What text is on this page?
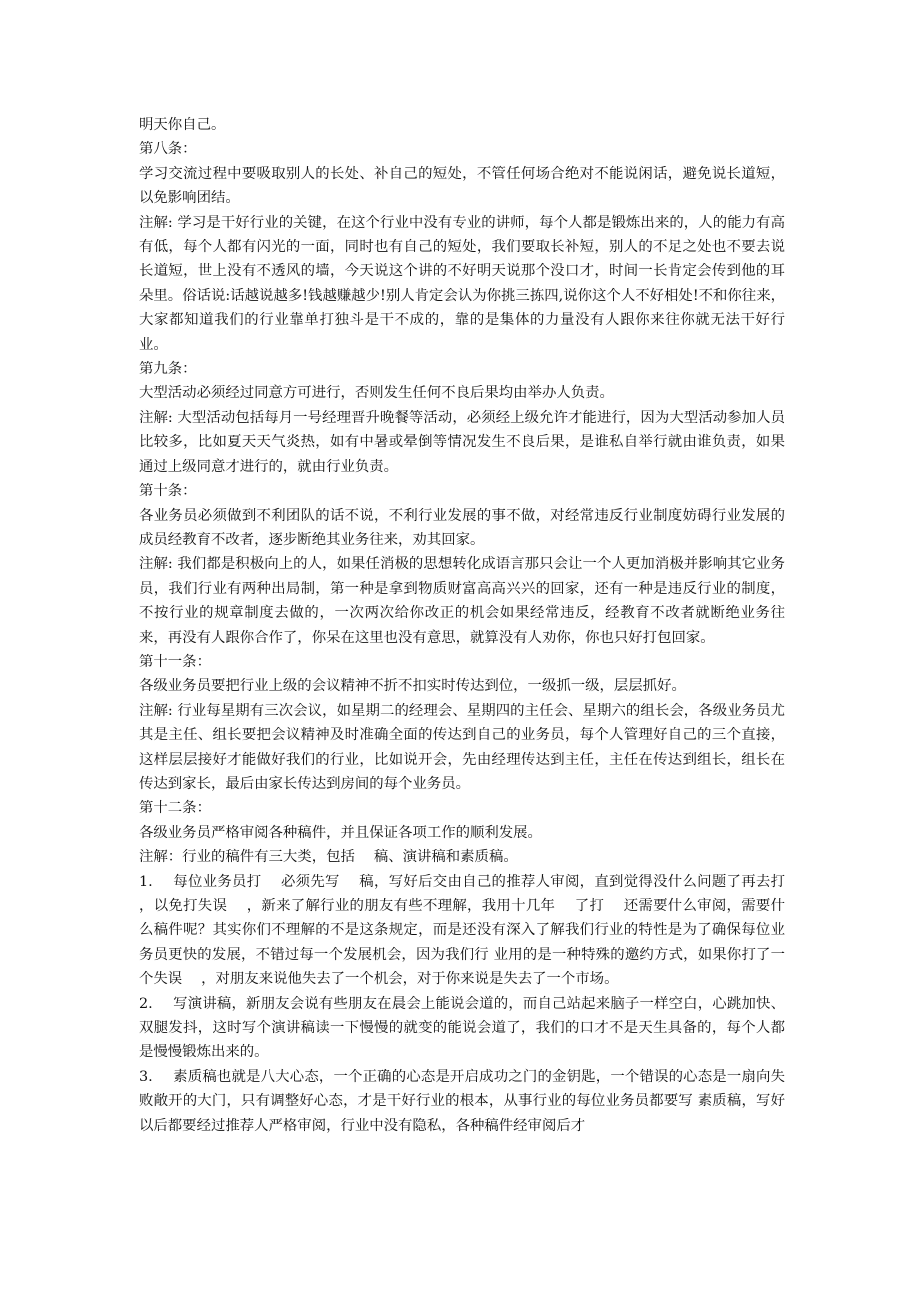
明天你自己。

第八条：

学习交流过程中要吸取别人的长处、补自己的短处，不管任何场合绝对不能说闲话，避免说长道短，以免影响团结。

注解: 学习是干好行业的关键，在这个行业中没有专业的讲师，每个人都是锻炼出来的，人的能力有高有低，每个人都有闪光的一面，同时也有自己的短处，我们要取长补短，别人的不足之处也不要去说长道短，世上没有不透风的墙，今天说这个讲的不好明天说那个没口才，时间一长肯定会传到他的耳朵里。俗话说:话越说越多!钱越赚越少!别人肯定会认为你挑三拣四,说你这个人不好相处!不和你往来，大家都知道我们的行业靠单打独斗是干不成的，靠的是集体的力量没有人跟你来往你就无法干好行业。

第九条：

大型活动必须经过同意方可进行，否则发生任何不良后果均由举办人负责。

注解: 大型活动包括每月一号经理晋升晚餐等活动，必须经上级允许才能进行，因为大型活动参加人员比较多，比如夏天天气炎热，如有中暑或晕倒等情况发生不良后果，是谁私自举行就由谁负责，如果通过上级同意才进行的，就由行业负责。

第十条：

各业务员必须做到不利团队的话不说，不利行业发展的事不做，对经常违反行业制度妨碍行业发展的成员经教育不改者，逐步断绝其业务往来，劝其回家。

注解: 我们都是积极向上的人，如果任消极的思想转化成语言那只会让一个人更加消极并影响其它业务员，我们行业有两种出局制，第一种是拿到物质财富高高兴兴的回家，还有一种是违反行业的制度，不按行业的规章制度去做的，一次两次给你改正的机会如果经常违反，经教育不改者就断绝业务往来，再没有人跟你合作了，你呆在这里也没有意思，就算没有人劝你，你也只好打包回家。

第十一条：

各级业务员要把行业上级的会议精神不折不扣实时传达到位，一级抓一级，层层抓好。

注解: 行业每星期有三次会议，如星期二的经理会、星期四的主任会、星期六的组长会，各级业务员尤其是主任、组长要把会议精神及时准确全面的传达到自己的业务员，每个人管理好自己的三个直接，这样层层接好才能做好我们的行业，比如说开会，先由经理传达到主任，主任在传达到组长，组长在传达到家长，最后由家长传达到房间的每个业务员。

第十二条：

各级业务员严格审阅各种稿件，并且保证各项工作的顺利发展。

注解：行业的稿件有三大类，包括　 稿、演讲稿和素质稿。

1. 每位业务员打　 必须先写　 稿，写好后交由自己的推荐人审阅，直到觉得没什么问题了再去打　 ，以免打失误　 ，新来了解行业的朋友有些不理解，我用十几年　 了打　 还需要什么审阅，需要什么稿件呢？其实你们不理解的不是这条规定，而是还没有深入了解我们行业的特性是为了确保每位业务员更快的发展，不错过每一个发展机会，因为我们行 业用的是一种特殊的邀约方式，如果你打了一个失误　 ，对朋友来说他失去了一个机会，对于你来说是失去了一个市场。

2. 写演讲稿，新朋友会说有些朋友在晨会上能说会道的，而自己站起来脑子一样空白，心跳加快、双腿发抖，这时写个演讲稿读一下慢慢的就变的能说会道了，我们的口才不是天生具备的，每个人都是慢慢锻炼出来的。

3. 素质稿也就是八大心态，一个正确的心态是开启成功之门的金钥匙，一个错误的心态是一扇向失败敞开的大门，只有调整好心态，才是干好行业的根本，从事行业的每位业务员都要写 素质稿，写好以后都要经过推荐人严格审阅，行业中没有隐私，各种稿件经审阅后才
